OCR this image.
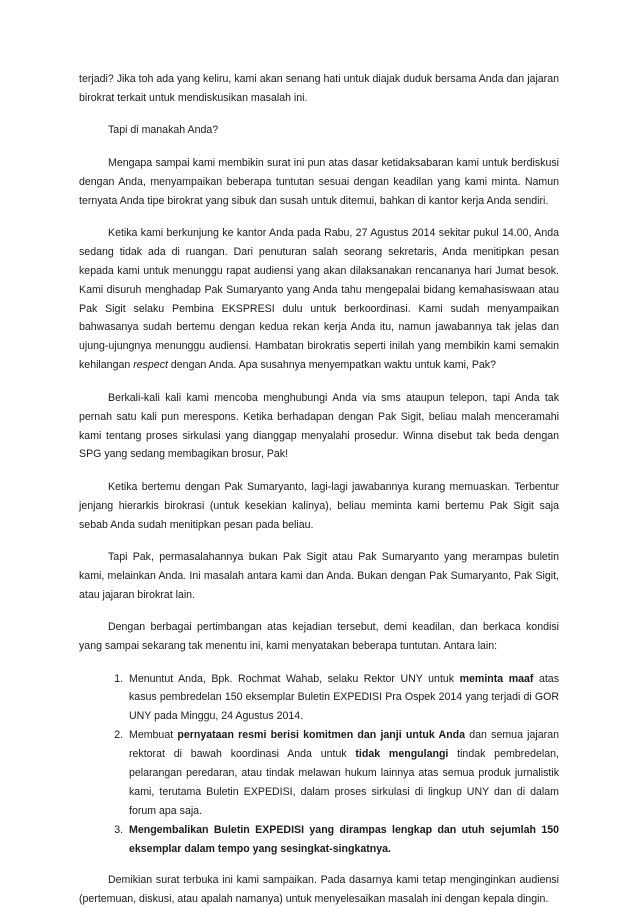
terjadi? Jika toh ada yang keliru, kami akan senang hati untuk diajak duduk bersama Anda dan jajaran birokrat terkait untuk mendiskusikan masalah ini.

Tapi di manakah Anda?

Mengapa sampai kami membikin surat ini pun atas dasar ketidaksabaran kami untuk berdiskusi dengan Anda, menyampaikan beberapa tuntutan sesuai dengan keadilan yang kami minta. Namun ternyata Anda tipe birokrat yang sibuk dan susah untuk ditemui, bahkan di kantor kerja Anda sendiri.

Ketika kami berkunjung ke kantor Anda pada Rabu, 27 Agustus 2014 sekitar pukul 14.00, Anda sedang tidak ada di ruangan. Dari penuturan salah seorang sekretaris, Anda menitipkan pesan kepada kami untuk menunggu rapat audiensi yang akan dilaksanakan rencananya hari Jumat besok. Kami disuruh menghadap Pak Sumaryanto yang Anda tahu mengepalai bidang kemahasiswaan atau Pak Sigit selaku Pembina EKSPRESI dulu untuk berkoordinasi. Kami sudah menyampaikan bahwasanya sudah bertemu dengan kedua rekan kerja Anda itu, namun jawabannya tak jelas dan ujung-ujungnya menunggu audiensi. Hambatan birokratis seperti inilah yang membikin kami semakin kehilangan respect dengan Anda. Apa susahnya menyempatkan waktu untuk kami, Pak?

Berkali-kali kali kami mencoba menghubungi Anda via sms ataupun telepon, tapi Anda tak pernah satu kali pun merespons. Ketika berhadapan dengan Pak Sigit, beliau malah menceramahi kami tentang proses sirkulasi yang dianggap menyalahi prosedur. Winna disebut tak beda dengan SPG yang sedang membagikan brosur, Pak!

Ketika bertemu dengan Pak Sumaryanto, lagi-lagi jawabannya kurang memuaskan. Terbentur jenjang hierarkis birokrasi (untuk kesekian kalinya), beliau meminta kami bertemu Pak Sigit saja sebab Anda sudah menitipkan pesan pada beliau.

Tapi Pak, permasalahannya bukan Pak Sigit atau Pak Sumaryanto yang merampas buletin kami, melainkan Anda. Ini masalah antara kami dan Anda. Bukan dengan Pak Sumaryanto, Pak Sigit, atau jajaran birokrat lain.

Dengan berbagai pertimbangan atas kejadian tersebut, demi keadilan, dan berkaca kondisi yang sampai sekarang tak menentu ini, kami menyatakan beberapa tuntutan. Antara lain:

1. Menuntut Anda, Bpk. Rochmat Wahab, selaku Rektor UNY untuk meminta maaf atas kasus pembredelan 150 eksemplar Buletin EXPEDISI Pra Ospek 2014 yang terjadi di GOR UNY pada Minggu, 24 Agustus 2014.
2. Membuat pernyataan resmi berisi komitmen dan janji untuk Anda dan semua jajaran rektorat di bawah koordinasi Anda untuk tidak mengulangi tindak pembredelan, pelarangan peredaran, atau tindak melawan hukum lainnya atas semua produk jurnalistik kami, terutama Buletin EXPEDISI, dalam proses sirkulasi di lingkup UNY dan di dalam forum apa saja.
3. Mengembalikan Buletin EXPEDISI yang dirampas lengkap dan utuh sejumlah 150 eksemplar dalam tempo yang sesingkat-singkatnya.

Demikian surat terbuka ini kami sampaikan. Pada dasarnya kami tetap menginginkan audiensi (pertemuan, diskusi, atau apalah namanya) untuk menyelesaikan masalah ini dengan kepala dingin.
